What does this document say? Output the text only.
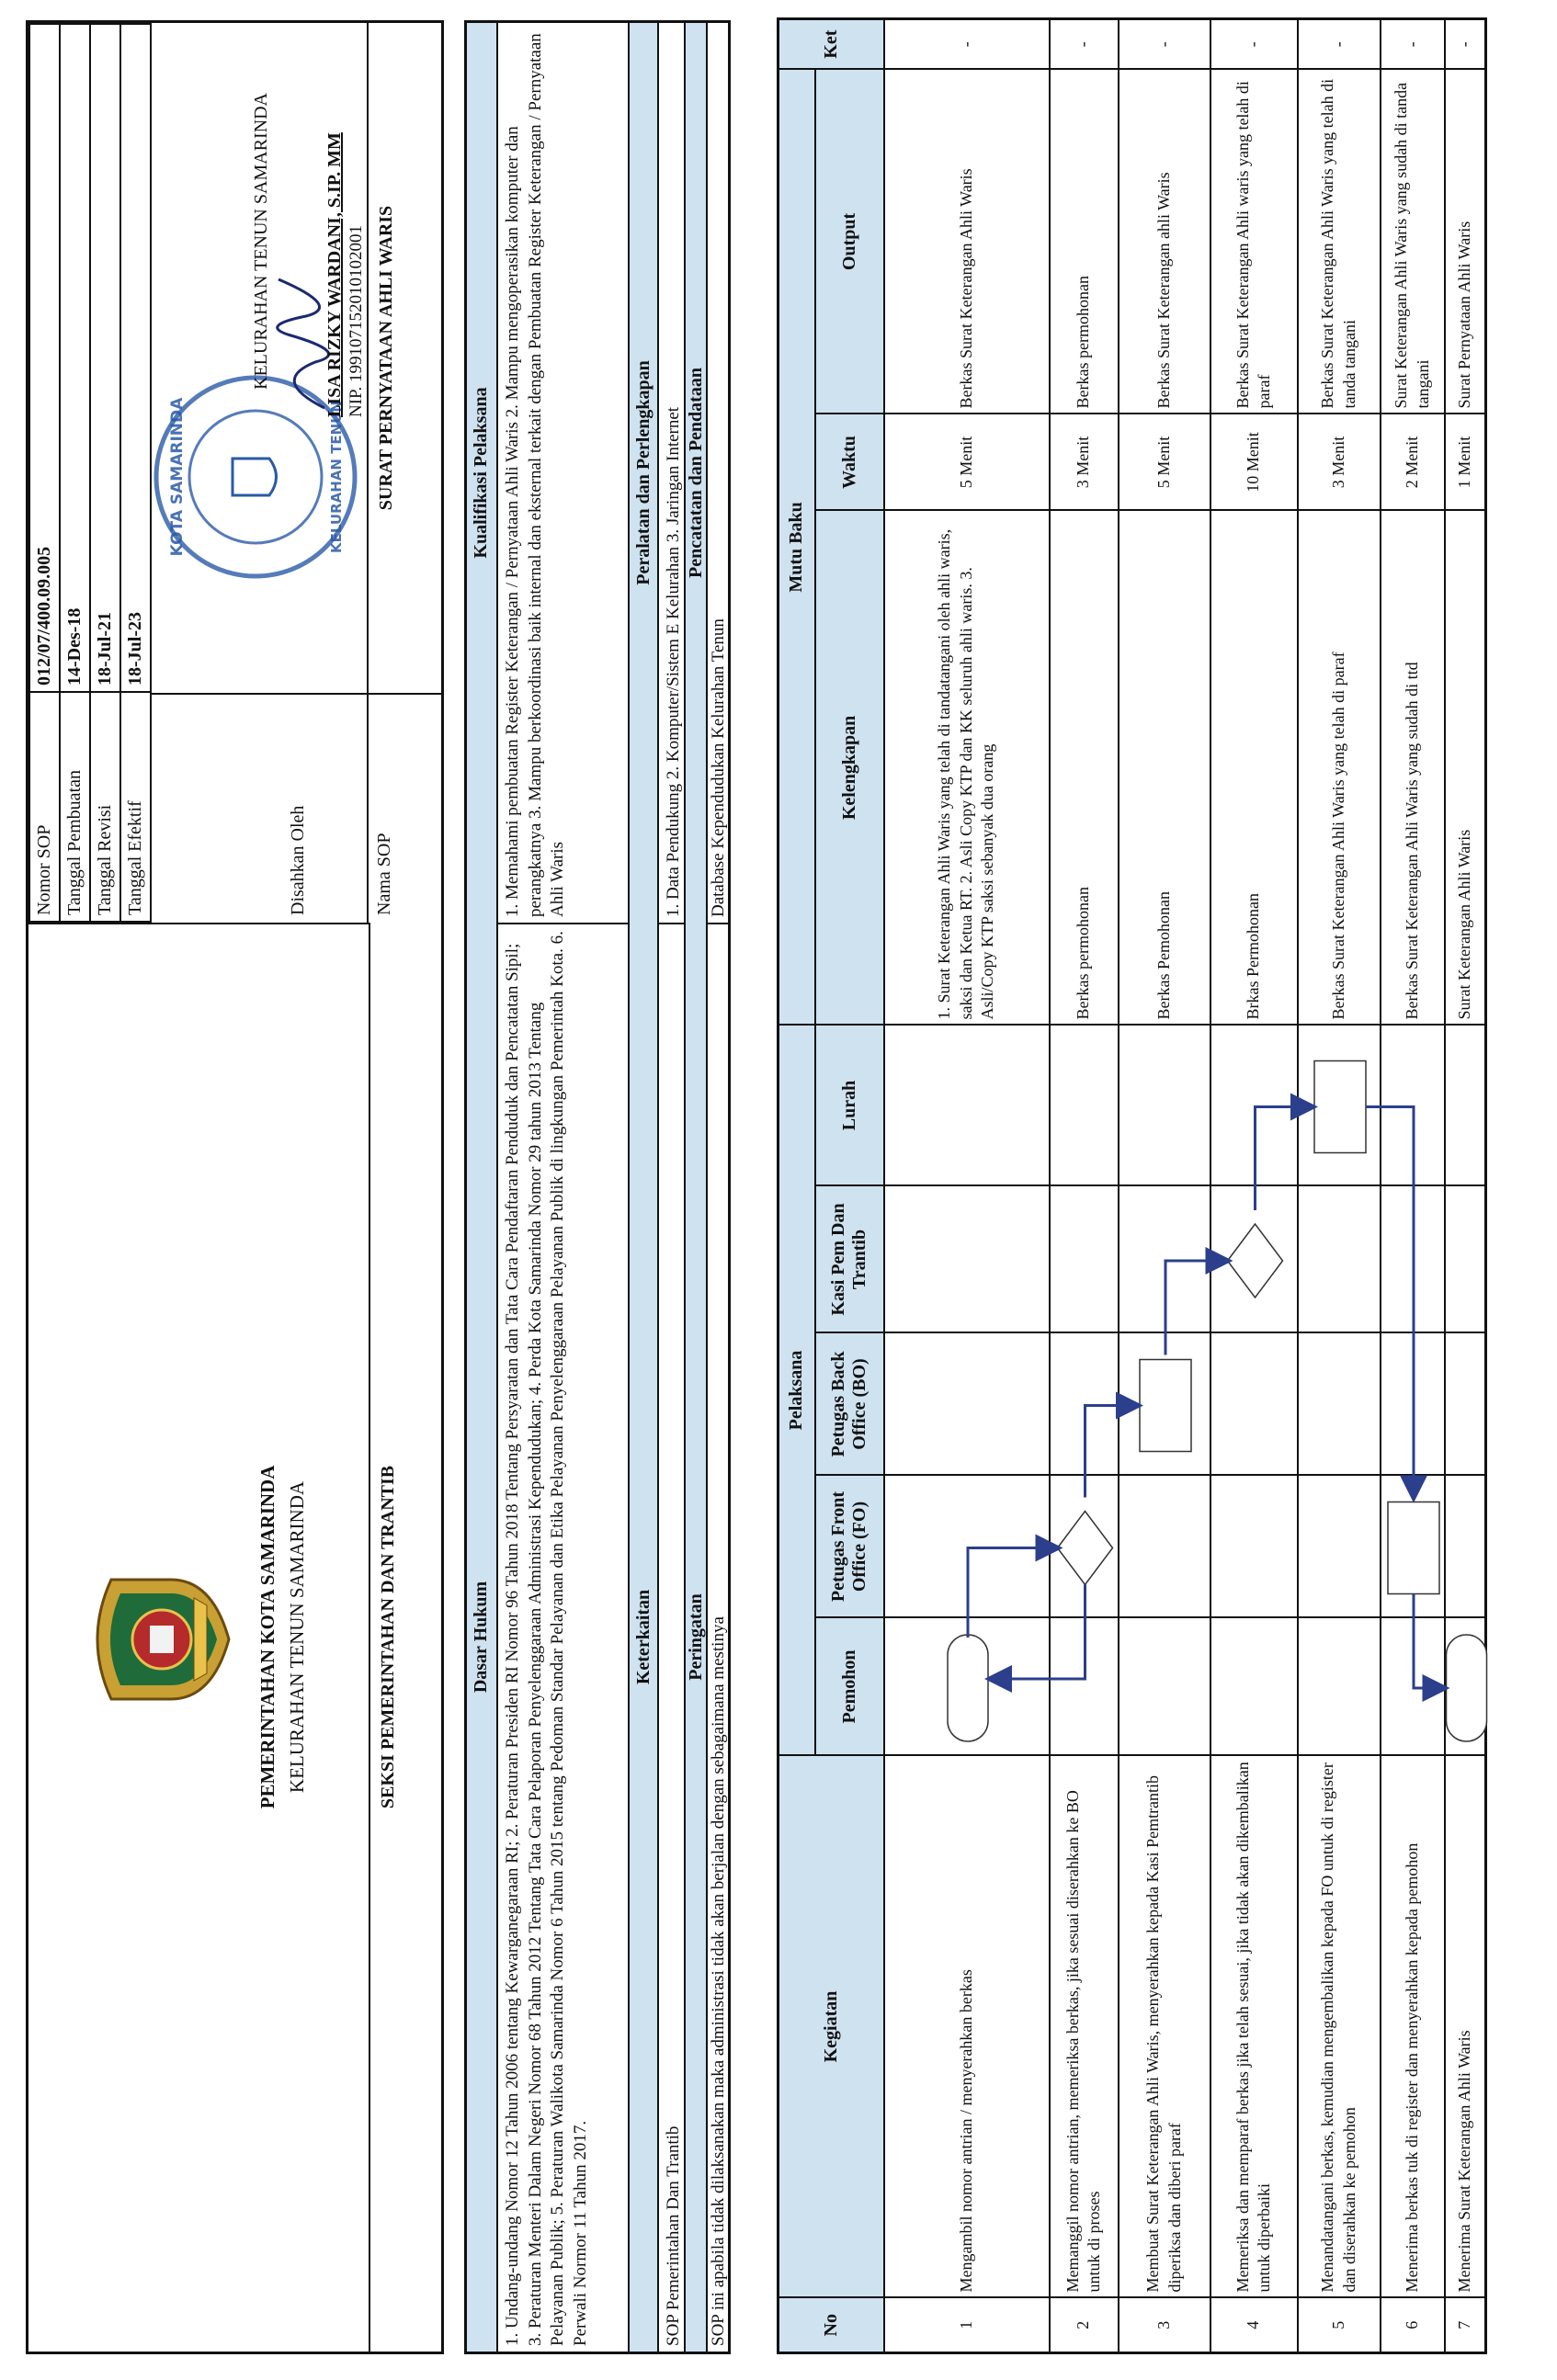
PEMERINTAHAN KOTA SAMARINDA KELURAHAN TENUN SAMARINDA	SEKSI PEMERINTAHAN DAN TRANTIB
Nomor SOP	012/07/400.09.005
Tanggal Pembuatan	14-Des-18
Tanggal Revisi	18-Jul-21
Tanggal Efektif	18-Jul-23
Disahkan Oleh
KOTA SAMARINDA	KELURAHAN TENUN
KELURAHAN TENUN SAMARINDA	LISA RIZKY WARDANI, S.IP. MM NIP. 199107152010102001
Nama SOP
SURAT PERNYATAAN AHLI WARIS
Dasar Hukum 1. Undang-undang Nomor 12 Tahun 2006 tentang Kewarganegaraan RI; 2. Peraturan Presiden RI Nomor 96 Tahun 2018 Tentang Persyaratan dan Tata Cara Pendaftaran Penduduk dan Pencatatan Sipil; 3. Peraturan Menteri Dalam Negeri Nomor 68 Tahun 2012 Tentang Tata Cara Pelaporan Penyelenggaraan Administrasi Kependudukan; 4. Perda Kota Samarinda Nomor 29 tahun 2013 Tentang Pelayanan Publik; 5. Peraturan Walikota Samarinda Nomor 6 Tahun 2015 tentang Pedoman Standar Pelayanan dan Etika Pelayanan Penyelenggaraan Pelayanan Publik di lingkungan Pemerintah Kota. 6. Perwali Normor 11 Tahun 2017.
Keterkaitan
SOP Pemerintahan Dan Trantib
Peringatan SOP ini apabila tidak dilaksanakan maka administrasi tidak akan berjalan dengan sebagaimana mestinya
Kualifikasi Pelaksana 1. Memahami pembuatan Register Keterangan / Pernyataan Ahli Waris 2. Mampu mengoperasikan komputer dan perangkatnya 3. Mampu berkoordinasi baik internal dan eksternal terkait dengan Pembuatan Register Keterangan / Pernyataan Ahli Waris
Peralatan dan Perlengkapan 1. Data Pendukung 2. Komputer/Sistem E Kelurahan 3. Jaringan Internet Pencatatan dan Pendataan
Database Kependudukan Kelurahan Tenun
No	Kegiatan	Pelaksana					Mutu Baku			Ket
		Pemohon	Petugas Front Office (FO)	Petugas Back Office (BO)	Kasi Pem Dan Trantib	Lurah	Kelengkapan	Waktu	Output	
1	Mengambil nomor antrian / menyerahkan berkas						1. Surat Keterangan Ahli Waris yang telah di tandatangani oleh ahli waris, saksi dan Ketua RT. 2. Asli Copy KTP dan KK seluruh ahli waris. 3. Asli/Copy KTP saksi sebanyak dua orang	5 Menit	Berkas Surat Keterangan Ahli Waris	-
2	Memanggil nomor antrian, memeriksa berkas, jika sesuai diserahkan ke BO untuk di proses						Berkas permohonan	3 Menit	Berkas permohonan	-
3	Membuat Surat Keterangan Ahli Waris, menyerahkan kepada Kasi Pemtrantib diperiksa dan diberi paraf						Berkas Pemohonan	5 Menit	Berkas Surat Keterangan ahli Waris	-
4	Memeriksa dan memparaf berkas jika telah sesuai, jika tidak akan dikembalikan untuk diperbaiki						Brkas Permohonan	10 Menit	Berkas Surat Keterangan Ahli waris yang telah di paraf	-
5	Menandatangani berkas, kemudian mengembalikan kepada FO untuk di register dan diserahkan ke pemohon						Berkas Surat Keterangan Ahli Waris yang telah di paraf	3 Menit	Berkas Surat Keterangan Ahli Waris yang telah di tanda tangani	-
6	Menerima berkas tuk di register dan menyerahkan kepada pemohon						Berkas Surat Keterangan Ahli Waris yang sudah di ttd	2 Menit	Surat Keterangan Ahli Waris yang sudah di tanda tangani	-
7	Menerima Surat Keterangan Ahli Waris						Surat Keterangan Ahli Waris	1 Menit	Surat Pernyataan Ahli Waris	-
